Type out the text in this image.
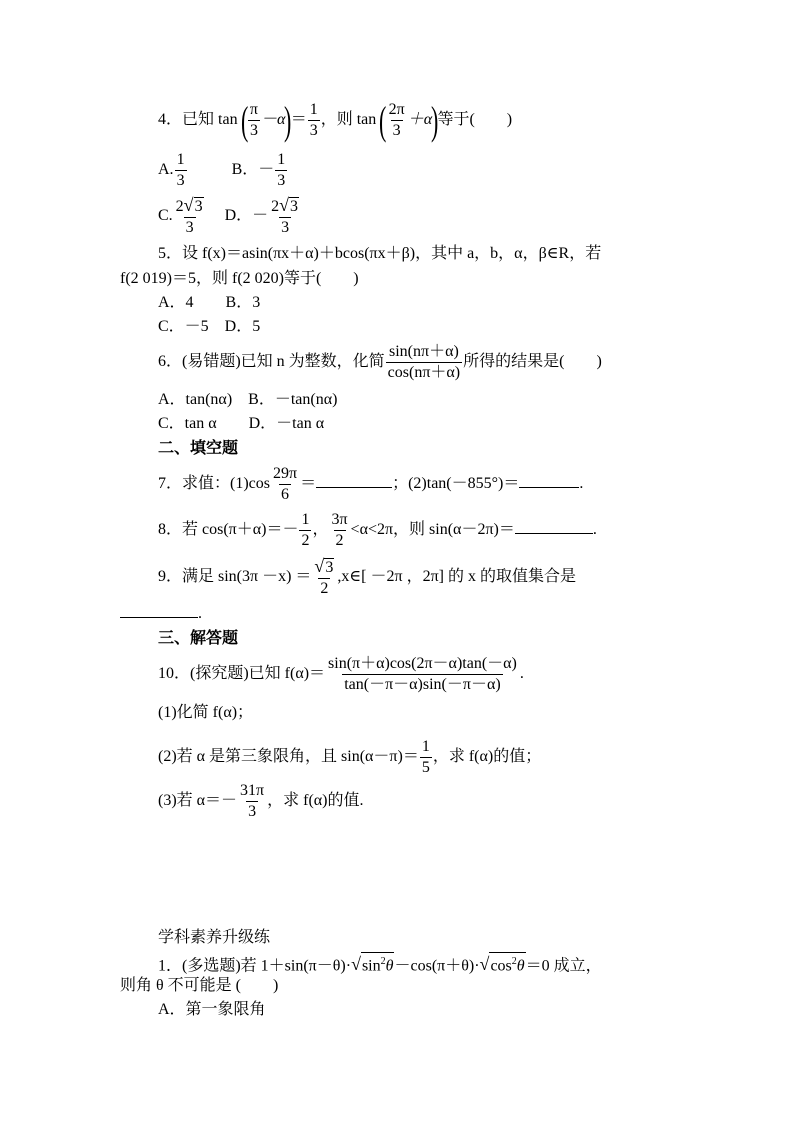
4．已知 tan ( $\frac{\pi}{3} -\alpha)= \frac{1}{3}$ ，则 tan ( $\frac{2\pi}{3} +\alpha$)等于(　　)
A. $\frac{1}{3}$	B．－ $\frac{1}{3}$
C. $\frac{2√3}{3}$ D．－ $\frac{2√3}{3}$
5．设 f(x)＝asin(πx＋α)＋bcos(πx＋β)，其中 a，b，α，β∈R，若
f(2 019)＝5，则 f(2 020)等于(　　)
A．4　　B．3
C．－5　D．5
6．(易错题)已知 n 为整数，化简 $\frac{\sin(n\pi+\alpha)}{\cos(n\pi+\alpha)}$ 所得的结果是(　　)
A．tan(nα)　B．－tan(nα)
C．tan α　　D．－tan α
二、填空题
7．求值：$(1)\cos \frac{29\pi}{6}$ ＝	；(2)tan(－855°)＝	.
8．若 $\cos(\pi+\alpha)=- \frac{1}{2}$ ， $\frac{3\pi}{2} <\alpha<2\pi$，则 sin(α－2π)＝	.
9．满足 $\sin(3\pi -x) = \frac{√3}{2}$ ,x∈[ －2π ，2π] 的 x 的取值集合是
.
三、解答题
10．(探究题)已知 $f(\alpha)= \frac{\sin(\pi+\alpha)\cos(2\pi-\alpha)\tan(-\alpha)}{\tan(-\pi-\alpha)\sin(-\pi-\alpha)}$ .
(1)化简 f(α)；
(2)若 α 是第三象限角，且 $\sin(\alpha-\pi)= \frac{1}{5}$ ，求 f(α)的值；
(3)若 $\alpha=- \frac{31\pi}{3}$ ，求 f(α)的值.
学科素养升级练
1．(多选题)若 $1+\sin(\pi-\theta)\cdot√\sin^2\theta-\cos(\pi+\theta)\cdot√\cos^2\theta=0$ 成立，
则角 θ 不可能是 (　　)
A．第一象限角
